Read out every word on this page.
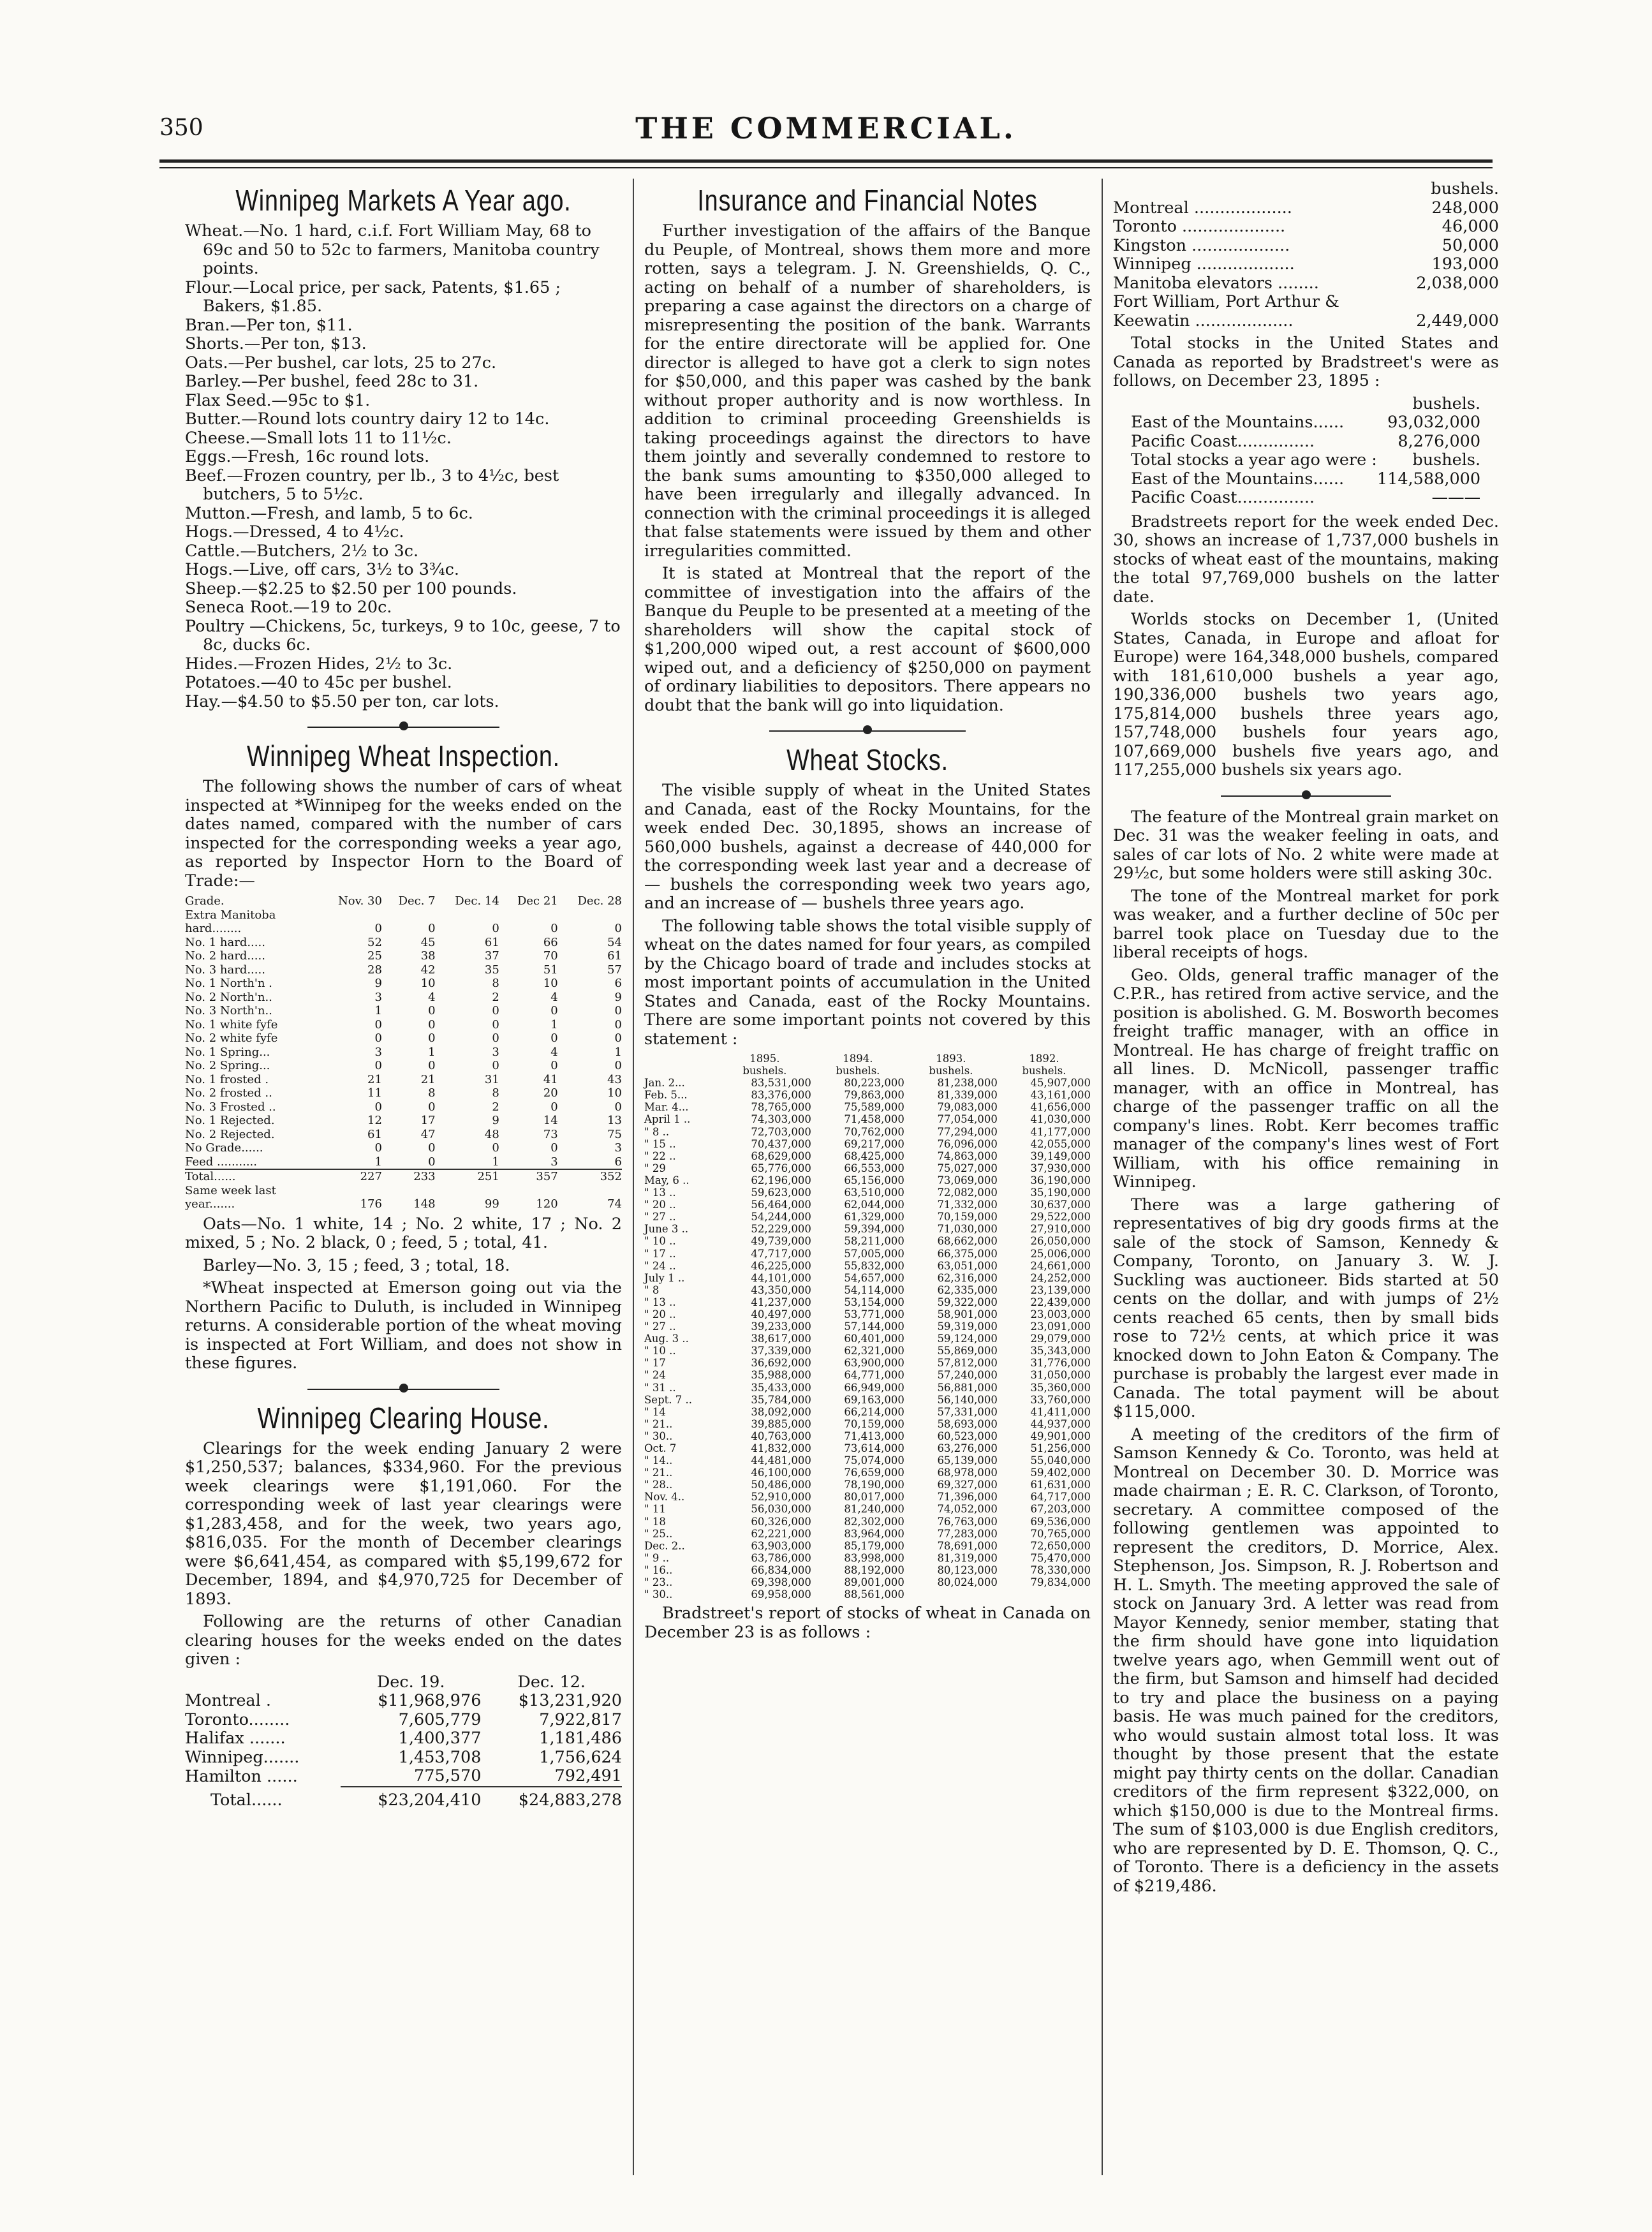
350	THE COMMERCIAL.
Winnipeg Markets A Year ago.

Wheat.—No. 1 hard, c.i.f. Fort William May, 68 to 69c and 50 to 52c to farmers, Manitoba country points.

Flour.—Local price, per sack, Patents, $1.65 ; Bakers, $1.85.

Bran.—Per ton, $11.

Shorts.—Per ton, $13.

Oats.—Per bushel, car lots, 25 to 27c.

Barley.—Per bushel, feed 28c to 31.

Flax Seed.—95c to $1.

Butter.—Round lots country dairy 12 to 14c.

Cheese.—Small lots 11 to 11½c.

Eggs.—Fresh, 16c round lots.

Beef.—Frozen country, per lb., 3 to 4½c, best butchers, 5 to 5½c.

Mutton.—Fresh, and lamb, 5 to 6c.

Hogs.—Dressed, 4 to 4½c.

Cattle.—Butchers, 2½ to 3c.

Hogs.—Live, off cars, 3½ to 3¾c.

Sheep.—$2.25 to $2.50 per 100 pounds.

Seneca Root.—19 to 20c.

Poultry —Chickens, 5c, turkeys, 9 to 10c, geese, 7 to 8c, ducks 6c.

Hides.—Frozen Hides, 2½ to 3c.

Potatoes.—40 to 45c per bushel.

Hay.—$4.50 to $5.50 per ton, car lots.

Winnipeg Wheat Inspection.

The following shows the number of cars of wheat inspected at *Winnipeg for the weeks ended on the dates named, compared with the number of cars inspected for the corresponding weeks a year ago, as reported by Inspector Horn to the Board of Trade:—

Grade.	Nov. 30	Dec. 7	Dec. 14	Dec 21	Dec. 28
Extra Manitoba					
hard........	0	0	0	0	0
No. 1 hard.....	52	45	61	66	54
No. 2 hard.....	25	38	37	70	61
No. 3 hard.....	28	42	35	51	57
No. 1 North'n .	9	10	8	10	6
No. 2 North'n..	3	4	2	4	9
No. 3 North'n..	1	0	0	0	0
No. 1 white fyfe	0	0	0	1	0
No. 2 white fyfe	0	0	0	0	0
No. 1 Spring...	3	1	3	4	1
No. 2 Spring...	0	0	0	0	0
No. 1 frosted .	21	21	31	41	43
No. 2 frosted ..	11	8	8	20	10
No. 3 Frosted ..	0	0	2	0	0
No. 1 Rejected.	12	17	9	14	13
No. 2 Rejected.	61	47	48	73	75
No Grade......	0	0	0	0	3
Feed ...........	1	0	1	3	6
Total......	227	233	251	357	352
Same week last					
year.......	176	148	99	120	74

Oats—No. 1 white, 14 ; No. 2 white, 17 ; No. 2 mixed, 5 ; No. 2 black, 0 ; feed, 5 ; total, 41.

Barley—No. 3, 15 ; feed, 3 ; total, 18.

*Wheat inspected at Emerson going out via the Northern Pacific to Duluth, is included in Winnipeg returns. A considerable portion of the wheat moving is inspected at Fort William, and does not show in these figures.

Winnipeg Clearing House.

Clearings for the week ending January 2 were $1,250,537; balances, $334,960. For the previous week clearings were $1,191,060. For the corresponding week of last year clearings were $1,283,458, and for the week, two years ago, $816,035. For the month of December clearings were $6,641,454, as compared with $5,199,672 for December, 1894, and $4,970,725 for December of 1893.

Following are the returns of other Canadian clearing houses for the weeks ended on the dates given :

	Dec. 19.	Dec. 12.
Montreal .	$11,968,976	$13,231,920
Toronto........	7,605,779	7,922,817
Halifax .......	1,400,377	1,181,486
Winnipeg.......	1,453,708	1,756,624
Hamilton ......	775,570	792,491
Total......	$23,204,410	$24,883,278
Insurance and Financial Notes

Further investigation of the affairs of the Banque du Peuple, of Montreal, shows them more and more rotten, says a telegram. J. N. Greenshields, Q. C., acting on behalf of a number of shareholders, is preparing a case against the directors on a charge of misrepresenting the position of the bank. Warrants for the entire directorate will be applied for. One director is alleged to have got a clerk to sign notes for $50,000, and this paper was cashed by the bank without proper authority and is now worthless. In addition to criminal proceeding Greenshields is taking proceedings against the directors to have them jointly and severally condemned to restore to the bank sums amounting to $350,000 alleged to have been irregularly and illegally advanced. In connection with the criminal proceedings it is alleged that false statements were issued by them and other irregularities committed.

It is stated at Montreal that the report of the committee of investigation into the affairs of the Banque du Peuple to be presented at a meeting of the shareholders will show the capital stock of $1,200,000 wiped out, a rest account of $600,000 wiped out, and a deficiency of $250,000 on payment of ordinary liabilities to depositors. There appears no doubt that the bank will go into liquidation.

Wheat Stocks.

The visible supply of wheat in the United States and Canada, east of the Rocky Mountains, for the week ended Dec. 30,1895, shows an increase of 560,000 bushels, against a decrease of 440,000 for the corresponding week last year and a decrease of — bushels the corresponding week two years ago, and an increase of — bushels three years ago.

The following table shows the total visible supply of wheat on the dates named for four years, as compiled by the Chicago board of trade and includes stocks at most important points of accumulation in the United States and Canada, east of the Rocky Mountains. There are some important points not covered by this statement :

	1895.	1894.	1893.	1892.
	bushels.	bushels.	bushels.	bushels.
Jan. 2...	83,531,000	80,223,000	81,238,000	45,907,000
Feb. 5...	83,376,000	79,863,000	81,339,000	43,161,000
Mar. 4...	78,765,000	75,589,000	79,083,000	41,656,000
April 1 ..	74,303,000	71,458,000	77,054,000	41,030,000
" 8 ..	72,703,000	70,762,000	77,294,000	41,177,000
" 15 ..	70,437,000	69,217,000	76,096,000	42,055,000
" 22 ..	68,629,000	68,425,000	74,863,000	39,149,000
" 29	65,776,000	66,553,000	75,027,000	37,930,000
May, 6 ..	62,196,000	65,156,000	73,069,000	36,190,000
" 13 ..	59,623,000	63,510,000	72,082,000	35,190,000
" 20 ..	56,464,000	62,044,000	71,332,000	30,637,000
" 27 ..	54,244,000	61,329,000	70,159,000	29,522,000
June 3 ..	52,229,000	59,394,000	71,030,000	27,910,000
" 10 ..	49,739,000	58,211,000	68,662,000	26,050,000
" 17 ..	47,717,000	57,005,000	66,375,000	25,006,000
" 24 ..	46,225,000	55,832,000	63,051,000	24,661,000
July 1 ..	44,101,000	54,657,000	62,316,000	24,252,000
" 8	43,350,000	54,114,000	62,335,000	23,139,000
" 13 ..	41,237,000	53,154,000	59,322,000	22,439,000
" 20 ..	40,497,000	53,771,000	58,901,000	23,003,000
" 27 ..	39,233,000	57,144,000	59,319,000	23,091,000
Aug. 3 ..	38,617,000	60,401,000	59,124,000	29,079,000
" 10 ..	37,339,000	62,321,000	55,869,000	35,343,000
" 17	36,692,000	63,900,000	57,812,000	31,776,000
" 24	35,988,000	64,771,000	57,240,000	31,050,000
" 31 ..	35,433,000	66,949,000	56,881,000	35,360,000
Sept. 7 ..	35,784,000	69,163,000	56,140,000	33,760,000
" 14	38,092,000	66,214,000	57,331,000	41,411,000
" 21..	39,885,000	70,159,000	58,693,000	44,937,000
" 30..	40,763,000	71,413,000	60,523,000	49,901,000
Oct. 7	41,832,000	73,614,000	63,276,000	51,256,000
" 14..	44,481,000	75,074,000	65,139,000	55,040,000
" 21..	46,100,000	76,659,000	68,978,000	59,402,000
" 28..	50,486,000	78,190,000	69,327,000	61,631,000
Nov. 4..	52,910,000	80,017,000	71,396,000	64,717,000
" 11	56,030,000	81,240,000	74,052,000	67,203,000
" 18	60,326,000	82,302,000	76,763,000	69,536,000
" 25..	62,221,000	83,964,000	77,283,000	70,765,000
Dec. 2..	63,903,000	85,179,000	78,691,000	72,650,000
" 9 ..	63,786,000	83,998,000	81,319,000	75,470,000
" 16..	66,834,000	88,192,000	80,123,000	78,330,000
" 23..	69,398,000	89,001,000	80,024,000	79,834,000
" 30..	69,958,000	88,561,000		

Bradstreet's report of stocks of wheat in Canada on December 23 is as follows :

	bushels.
Montreal ...................	248,000
Toronto ....................	46,000
Kingston ...................	50,000
Winnipeg ...................	193,000
Manitoba elevators ........	2,038,000
Fort William, Port Arthur &	
Keewatin ...................	2,449,000

Total stocks in the United States and Canada as reported by Bradstreet's were as follows, on December 23, 1895 :

	bushels.
East of the Mountains......	93,032,000
Pacific Coast...............	8,276,000
Total stocks a year ago were :	bushels.
East of the Mountains......	114,588,000
Pacific Coast...............	———

Bradstreets report for the week ended Dec. 30, shows an increase of 1,737,000 bushels in stocks of wheat east of the mountains, making the total 97,769,000 bushels on the latter date.

Worlds stocks on December 1, (United States, Canada, in Europe and afloat for Europe) were 164,348,000 bushels, compared with 181,610,000 bushels a year ago, 190,336,000 bushels two years ago, 175,814,000 bushels three years ago, 157,748,000 bushels four years ago, 107,669,000 bushels five years ago, and 117,255,000 bushels six years ago.

The feature of the Montreal grain market on Dec. 31 was the weaker feeling in oats, and sales of car lots of No. 2 white were made at 29½c, but some holders were still asking 30c.

The tone of the Montreal market for pork was weaker, and a further decline of 50c per barrel took place on Tuesday due to the liberal receipts of hogs.

Geo. Olds, general traffic manager of the C.P.R., has retired from active service, and the position is abolished. G. M. Bosworth becomes freight traffic manager, with an office in Montreal. He has charge of freight traffic on all lines. D. McNicoll, passenger traffic manager, with an office in Montreal, has charge of the passenger traffic on all the company's lines. Robt. Kerr becomes traffic manager of the company's lines west of Fort William, with his office remaining in Winnipeg.

There was a large gathering of representatives of big dry goods firms at the sale of the stock of Samson, Kennedy & Company, Toronto, on January 3. W. J. Suckling was auctioneer. Bids started at 50 cents on the dollar, and with jumps of 2½ cents reached 65 cents, then by small bids rose to 72½ cents, at which price it was knocked down to John Eaton & Company. The purchase is probably the largest ever made in Canada. The total payment will be about $115,000.

A meeting of the creditors of the firm of Samson Kennedy & Co. Toronto, was held at Montreal on December 30. D. Morrice was made chairman ; E. R. C. Clarkson, of Toronto, secretary. A committee composed of the following gentlemen was appointed to represent the creditors, D. Morrice, Alex. Stephenson, Jos. Simpson, R. J. Robertson and H. L. Smyth. The meeting approved the sale of stock on January 3rd. A letter was read from Mayor Kennedy, senior member, stating that the firm should have gone into liquidation twelve years ago, when Gemmill went out of the firm, but Samson and himself had decided to try and place the business on a paying basis. He was much pained for the creditors, who would sustain almost total loss. It was thought by those present that the estate might pay thirty cents on the dollar. Canadian creditors of the firm represent $322,000, on which $150,000 is due to the Montreal firms. The sum of $103,000 is due English creditors, who are represented by D. E. Thomson, Q. C., of Toronto. There is a deficiency in the assets of $219,486.
